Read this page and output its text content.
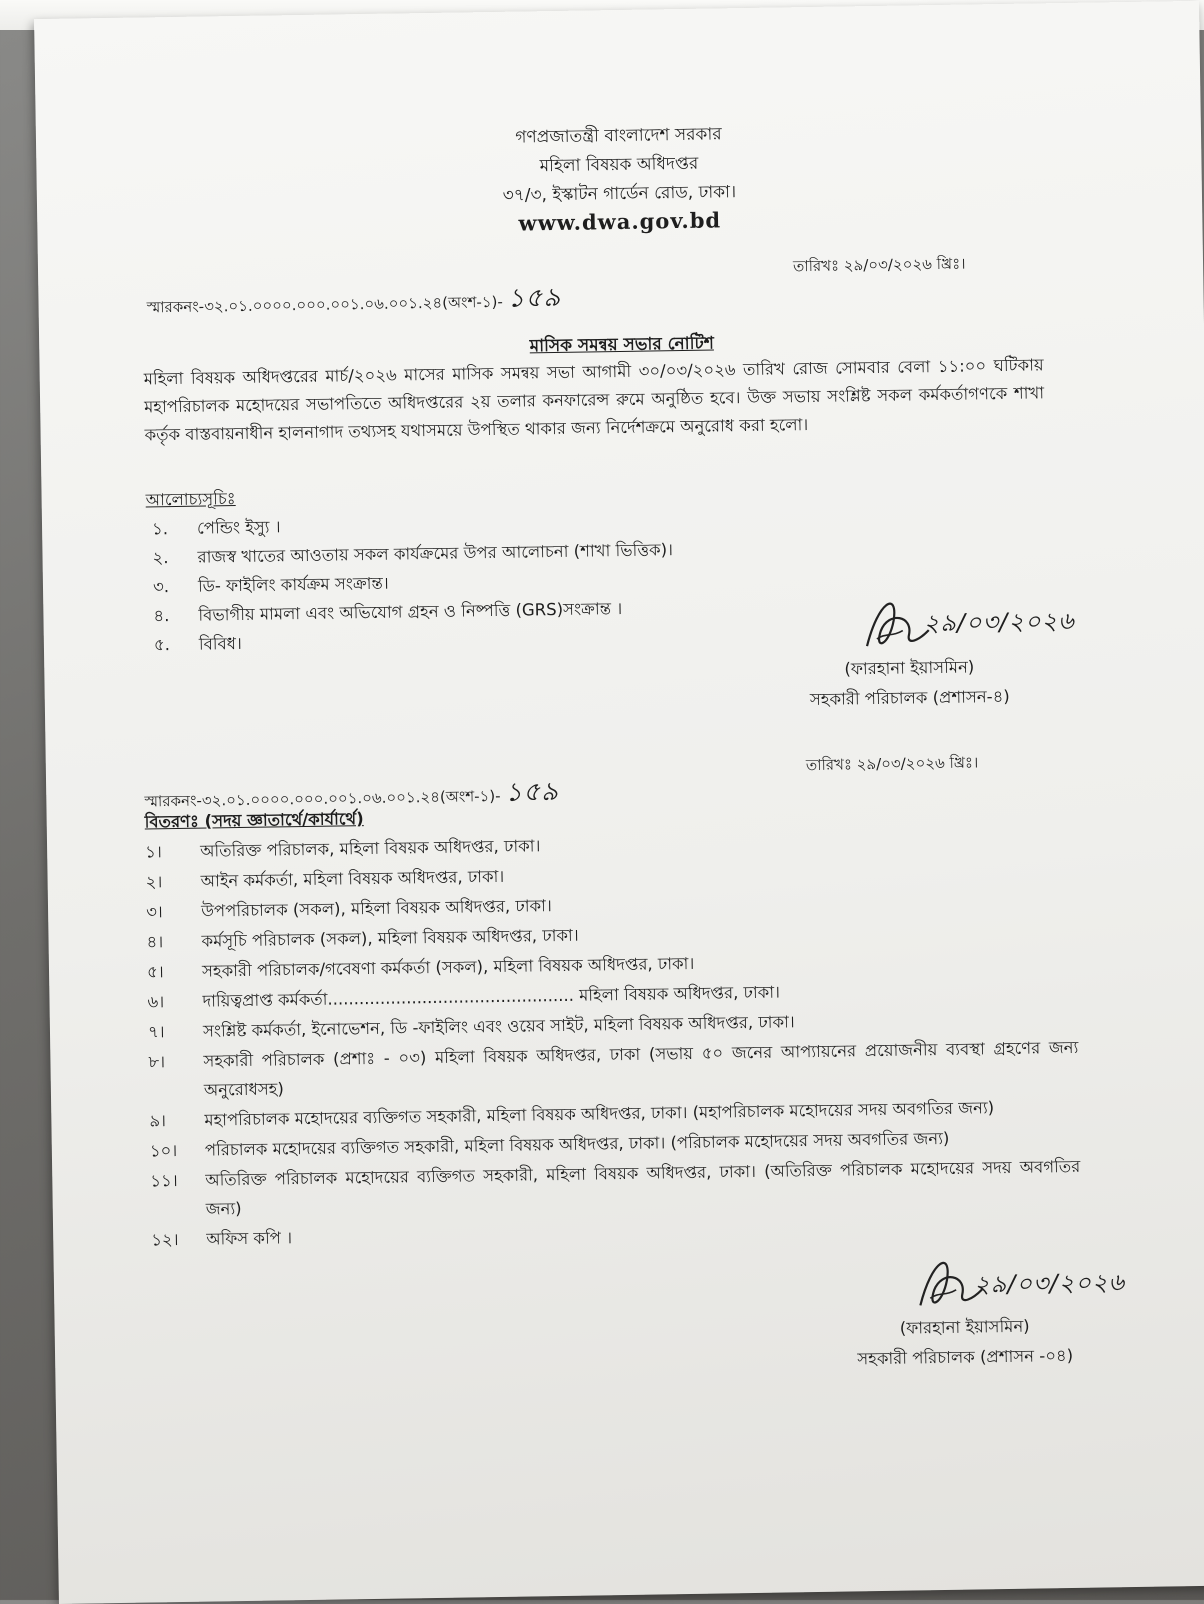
গণপ্রজাতন্ত্রী বাংলাদেশ সরকার
মহিলা বিষয়ক অধিদপ্তর
৩৭/৩, ইস্কাটন গার্ডেন রোড, ঢাকা।
www.dwa.gov.bd
স্মারকনং-৩২.০১.০০০০.০০০.০০১.০৬.০০১.২৪(অংশ-১)- ১৫৯
তারিখঃ ২৯/০৩/২০২৬ খ্রিঃ।
মাসিক সমন্বয় সভার নোটিশ
মহিলা বিষয়ক অধিদপ্তরের মার্চ/২০২৬ মাসের মাসিক সমন্বয় সভা আগামী ৩০/০৩/২০২৬ তারিখ রোজ সোমবার বেলা ১১:০০ ঘটিকায় মহাপরিচালক মহোদয়ের সভাপতিতে অধিদপ্তরের ২য় তলার কনফারেন্স রুমে অনুষ্ঠিত হবে। উক্ত সভায় সংশ্লিষ্ট সকল কর্মকর্তাগণকে শাখা কর্তৃক বাস্তবায়নাধীন হালনাগাদ তথ্যসহ যথাসময়ে উপস্থিত থাকার জন্য নির্দেশক্রমে অনুরোধ করা হলো।
আলোচ্যসূচিঃ
১.	পেন্ডিং ইস্যু ।
২.	রাজস্ব খাতের আওতায় সকল কার্যক্রমের উপর আলোচনা (শাখা ভিত্তিক)।
৩.	ডি- ফাইলিং কার্যক্রম সংক্রান্ত।
৪.	বিভাগীয় মামলা এবং অভিযোগ গ্রহন ও নিষ্পত্তি (GRS)সংক্রান্ত ।
৫.	বিবিধ।
২৯/০৩/২০২৬
(ফারহানা ইয়াসমিন)
সহকারী পরিচালক (প্রশাসন-৪)
স্মারকনং-৩২.০১.০০০০.০০০.০০১.০৬.০০১.২৪(অংশ-১)- ১৫৯
তারিখঃ ২৯/০৩/২০২৬ খ্রিঃ।
বিতরণঃ (সদয় জ্ঞাতার্থে/কার্যার্থে)
১।	অতিরিক্ত পরিচালক, মহিলা বিষয়ক অধিদপ্তর, ঢাকা।
২।	আইন কর্মকর্তা, মহিলা বিষয়ক অধিদপ্তর, ঢাকা।
৩।	উপপরিচালক (সকল), মহিলা বিষয়ক অধিদপ্তর, ঢাকা।
৪।	কর্মসূচি পরিচালক (সকল), মহিলা বিষয়ক অধিদপ্তর, ঢাকা।
৫।	সহকারী পরিচালক/গবেষণা কর্মকর্তা (সকল), মহিলা বিষয়ক অধিদপ্তর, ঢাকা।
৬।	দায়িত্বপ্রাপ্ত কর্মকর্তা............................................... মহিলা বিষয়ক অধিদপ্তর, ঢাকা।
৭।	সংশ্লিষ্ট কর্মকর্তা, ইনোভেশন, ডি -ফাইলিং এবং ওয়েব সাইট, মহিলা বিষয়ক অধিদপ্তর, ঢাকা।
৮।	সহকারী পরিচালক (প্রশাঃ - ০৩) মহিলা বিষয়ক অধিদপ্তর, ঢাকা (সভায় ৫০ জনের আপ্যায়নের প্রয়োজনীয় ব্যবস্থা গ্রহণের জন্য অনুরোধসহ)
৯।	মহাপরিচালক মহোদয়ের ব্যক্তিগত সহকারী, মহিলা বিষয়ক অধিদপ্তর, ঢাকা। (মহাপরিচালক মহোদয়ের সদয় অবগতির জন্য)
১০।	পরিচালক মহোদয়ের ব্যক্তিগত সহকারী, মহিলা বিষয়ক অধিদপ্তর, ঢাকা। (পরিচালক মহোদয়ের সদয় অবগতির জন্য)
১১।	অতিরিক্ত পরিচালক মহোদয়ের ব্যক্তিগত সহকারী, মহিলা বিষয়ক অধিদপ্তর, ঢাকা। (অতিরিক্ত পরিচালক মহোদয়ের সদয় অবগতির জন্য)
১২।	অফিস কপি ।
২৯/০৩/২০২৬
(ফারহানা ইয়াসমিন)
সহকারী পরিচালক (প্রশাসন -০৪)
